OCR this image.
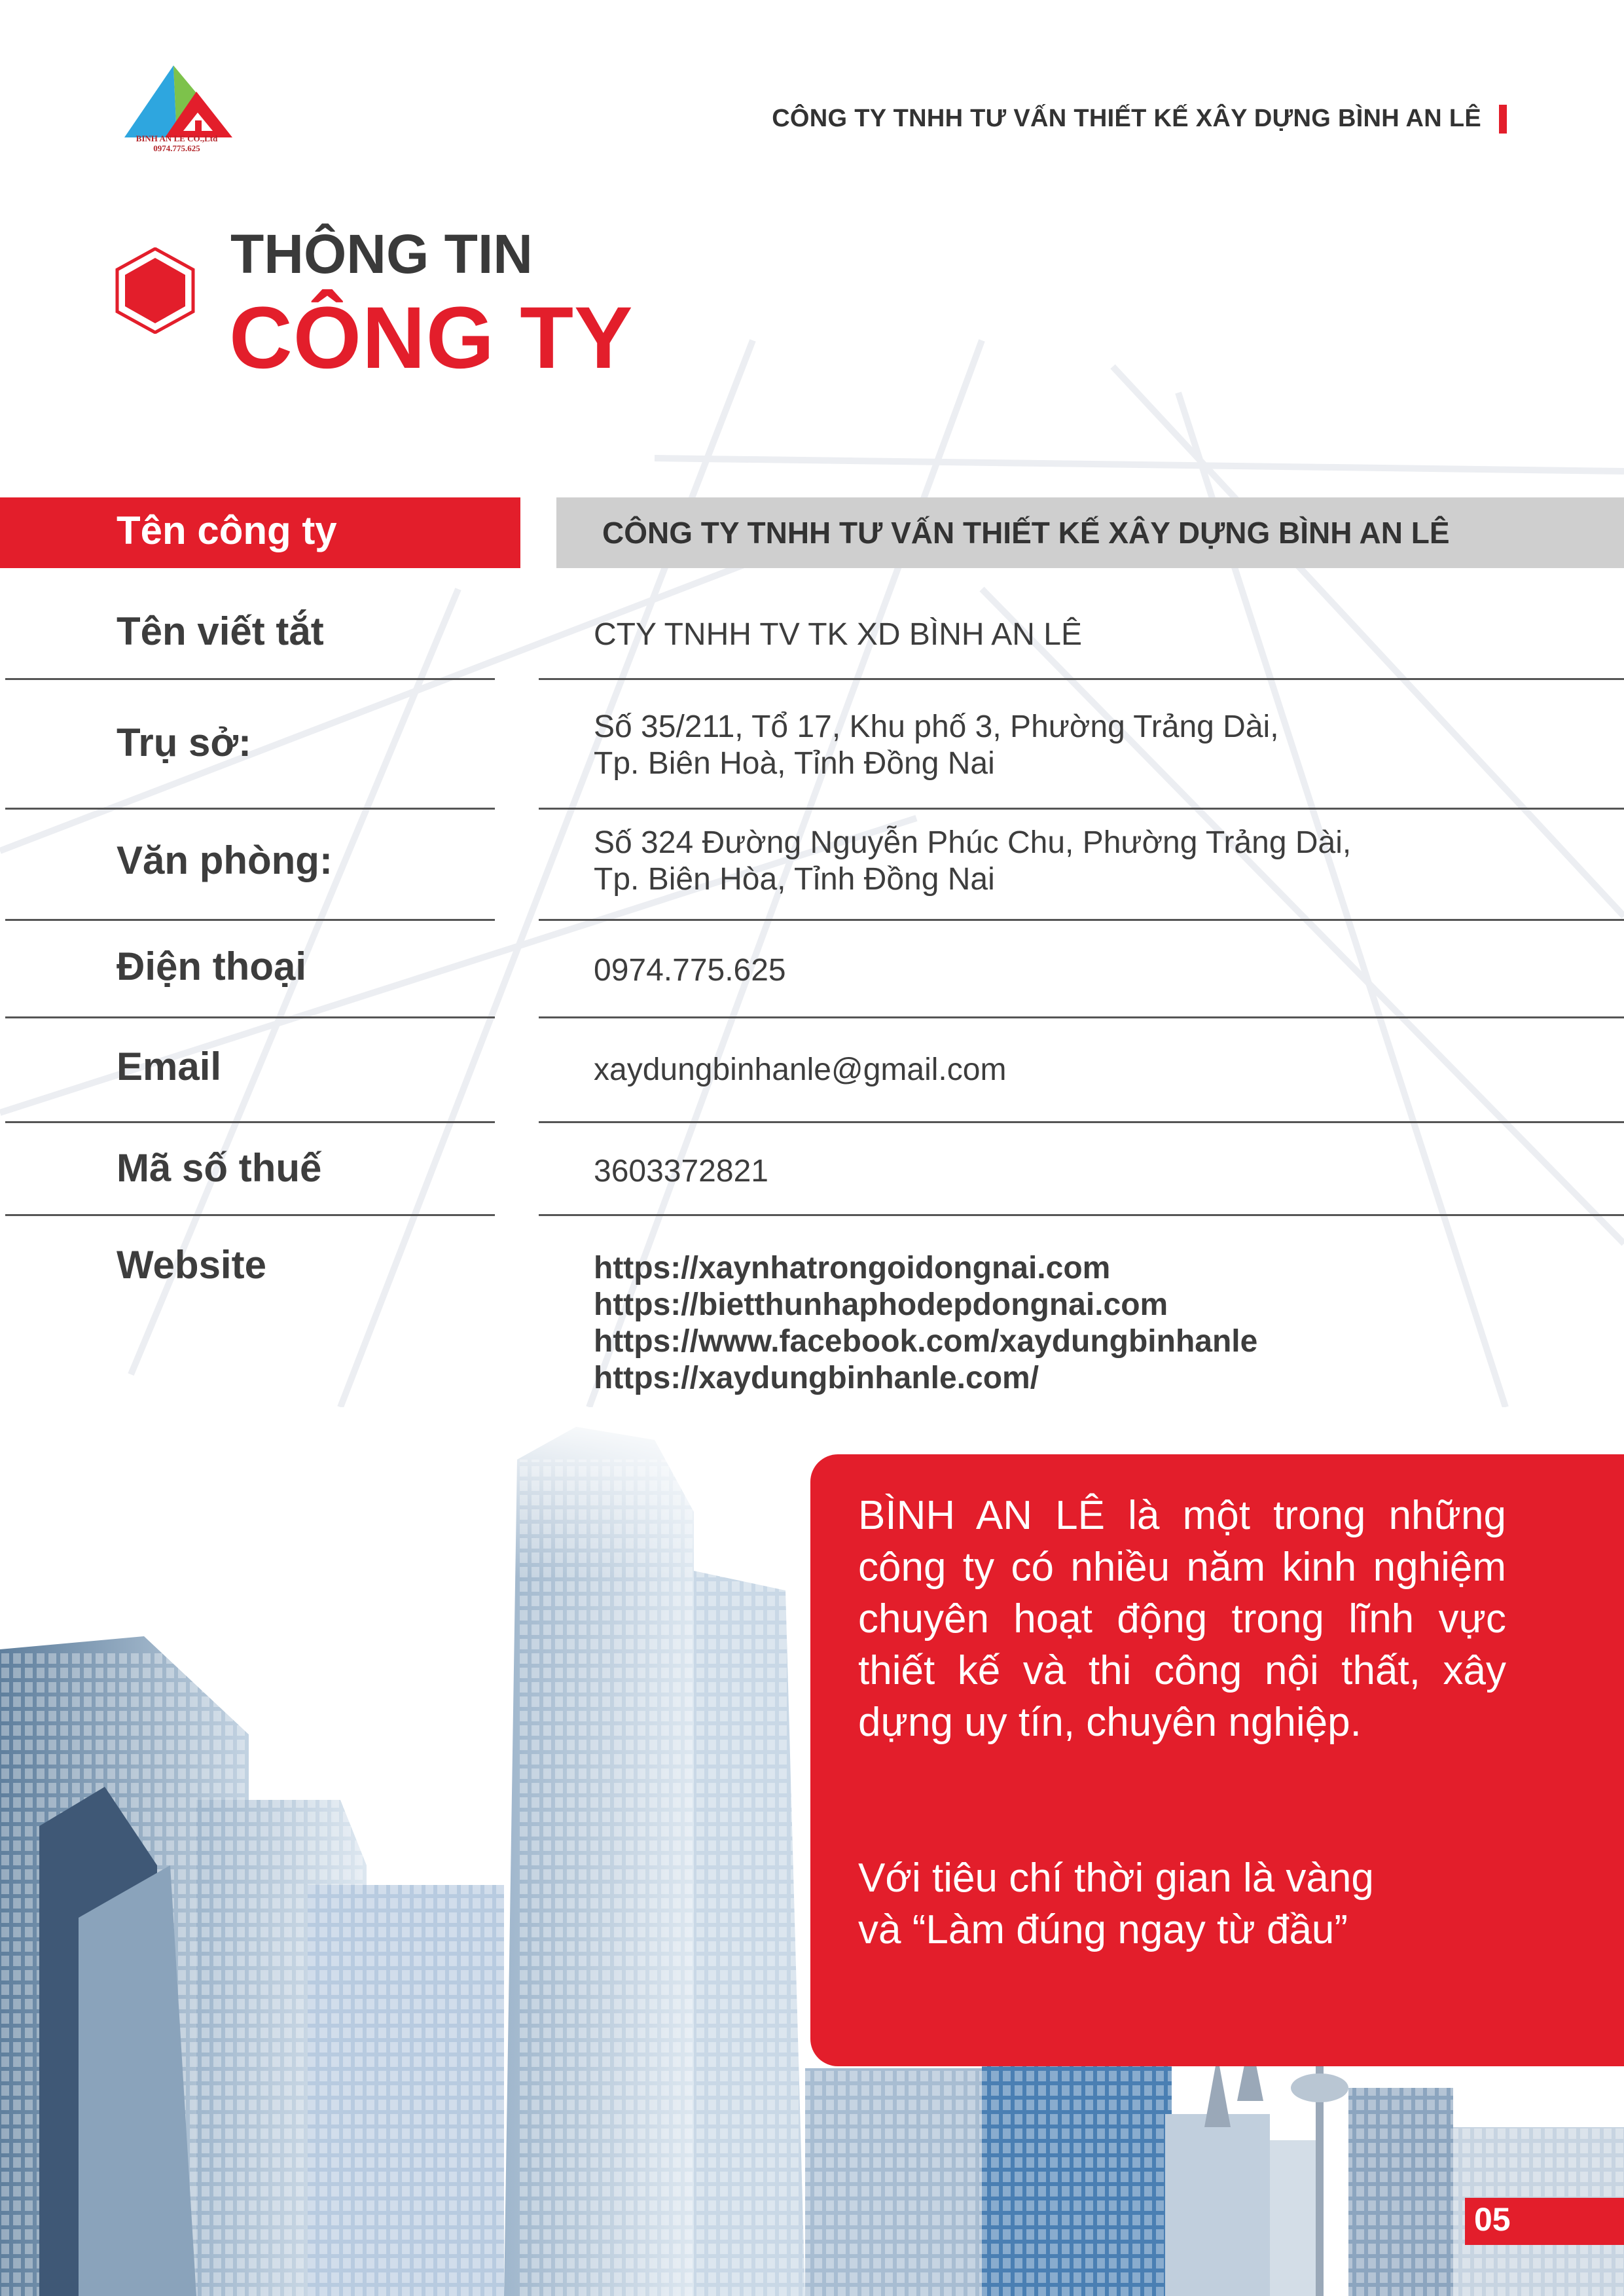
BINH AN LE CO.,Ltd
0974.775.625
CÔNG TY TNHH TƯ VẤN THIẾT KẾ XÂY DỰNG BÌNH AN LÊ
THÔNG TIN
CÔNG TY
Tên công ty	CÔNG TY TNHH TƯ VẤN THIẾT KẾ XÂY DỰNG BÌNH AN LÊ
Tên viết tắt	CTY TNHH TV TK XD BÌNH AN LÊ
Trụ sở:	Số 35/211, Tổ 17, Khu phố 3, Phường Trảng Dài,
Tp. Biên Hoà, Tỉnh Đồng Nai
Văn phòng:	Số 324 Đường Nguyễn Phúc Chu, Phường Trảng Dài,
Tp. Biên Hòa, Tỉnh Đồng Nai
Điện thoại	0974.775.625
Email	xaydungbinhanle@gmail.com
Mã số thuế	3603372821
Website	https://xaynhatrongoidongnai.com
https://bietthunhaphodepdongnai.com
https://www.facebook.com/xaydungbinhanle
https://xaydungbinhanle.com/
BÌNH AN LÊ là một trong những công ty có nhiều năm kinh nghiệm chuyên hoạt động trong lĩnh vực thiết kế và thi công nội thất, xây dựng uy tín, chuyên nghiệp.
Với tiêu chí thời gian là vàng
và “Làm đúng ngay từ đầu”
05
